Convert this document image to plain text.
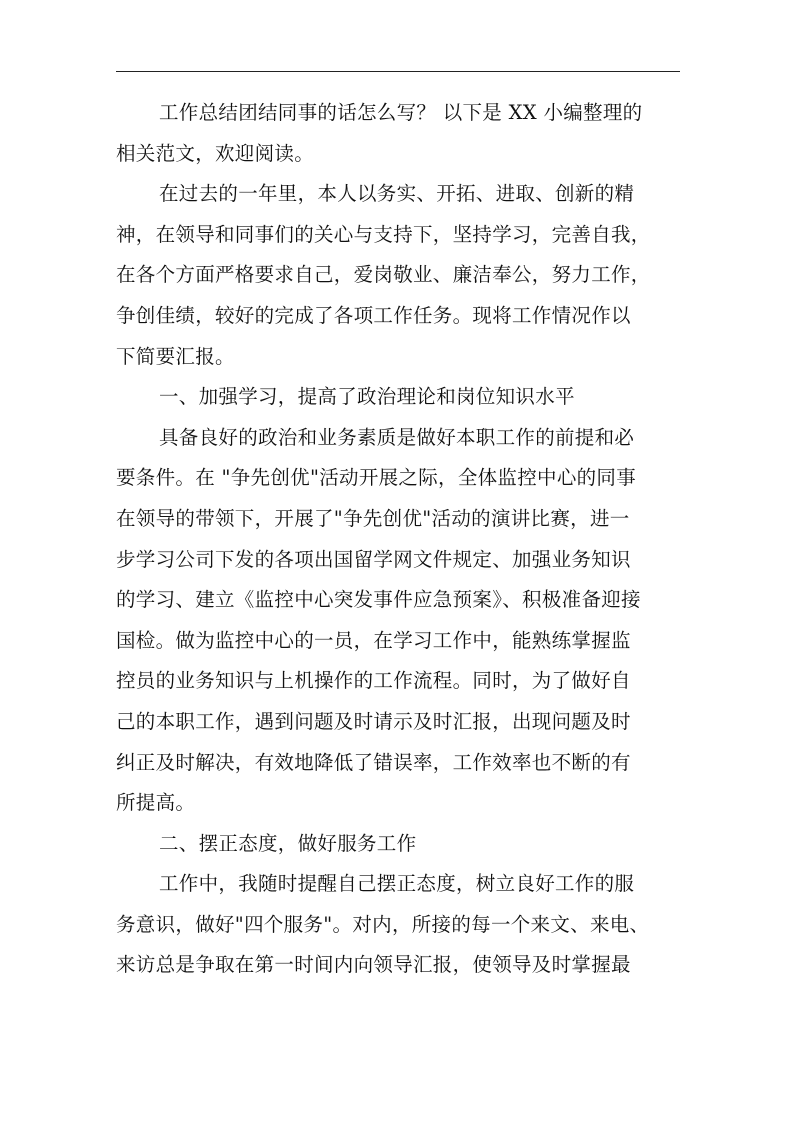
工作总结团结同事的话怎么写？ 以下是 XX 小编整理的
相关范文，欢迎阅读。
在过去的一年里，本人以务实、开拓、进取、创新的精
神，在领导和同事们的关心与支持下，坚持学习，完善自我，
在各个方面严格要求自己，爱岗敬业、廉洁奉公，努力工作，
争创佳绩，较好的完成了各项工作任务。现将工作情况作以
下简要汇报。
一、加强学习，提高了政治理论和岗位知识水平
具备良好的政治和业务素质是做好本职工作的前提和必
要条件。在 "争先创优"活动开展之际，全体监控中心的同事
在领导的带领下，开展了"争先创优"活动的演讲比赛，进一
步学习公司下发的各项出国留学网文件规定、加强业务知识
的学习、建立《监控中心突发事件应急预案》、积极准备迎接
国检。做为监控中心的一员，在学习工作中，能熟练掌握监
控员的业务知识与上机操作的工作流程。同时，为了做好自
己的本职工作，遇到问题及时请示及时汇报，出现问题及时
纠正及时解决，有效地降低了错误率，工作效率也不断的有
所提高。
二、摆正态度，做好服务工作
工作中，我随时提醒自己摆正态度，树立良好工作的服
务意识，做好"四个服务"。对内，所接的每一个来文、来电、
来访总是争取在第一时间内向领导汇报，使领导及时掌握最
